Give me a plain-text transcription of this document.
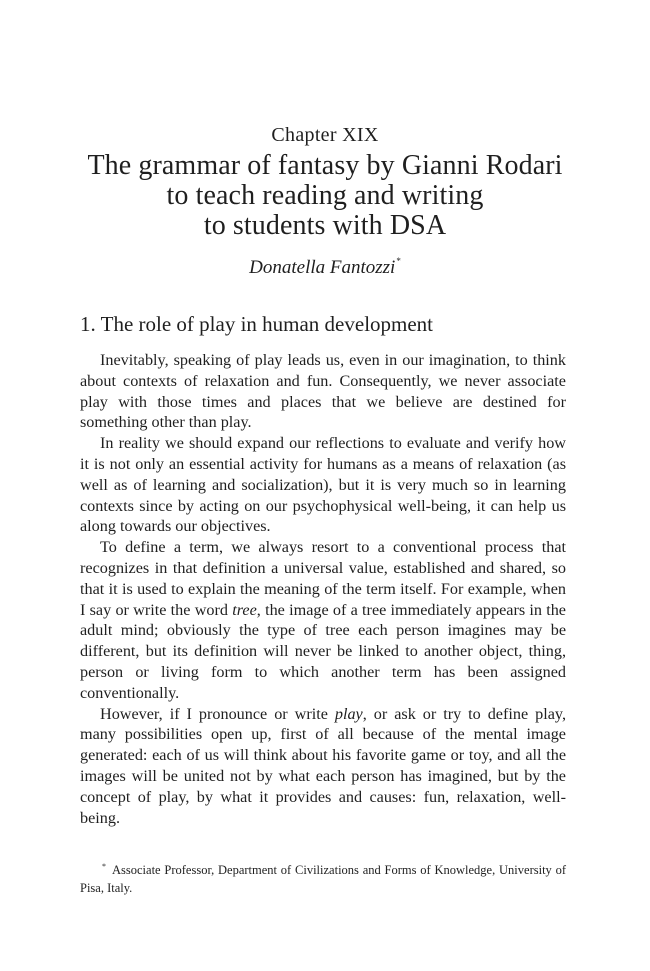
Chapter XIX
The grammar of fantasy by Gianni Rodari
to teach reading and writing
to students with DSA
Donatella Fantozzi*
1. The role of play in human development

Inevitably, speaking of play leads us, even in our imagination, to think about contexts of relaxation and fun. Consequently, we never associate play with those times and places that we believe are destined for something other than play.

In reality we should expand our reflections to evaluate and verify how it is not only an essential activity for humans as a means of relaxation (as well as of learning and socialization), but it is very much so in learning contexts since by acting on our psychophysical well-being, it can help us along towards our objectives.

To define a term, we always resort to a conventional process that recognizes in that definition a universal value, established and shared, so that it is used to explain the meaning of the term itself. For example, when I say or write the word tree, the image of a tree immediately appears in the adult mind; obviously the type of tree each person imagines may be different, but its definition will never be linked to another object, thing, person or living form to which another term has been assigned conventionally.

However, if I pronounce or write play, or ask or try to define play, many possibilities open up, first of all because of the mental image generated: each of us will think about his favorite game or toy, and all the images will be united not by what each person has imagined, but by the concept of play, by what it provides and causes: fun, relaxation, well-being.

* Associate Professor, Department of Civilizations and Forms of Knowledge, University of Pisa, Italy.
